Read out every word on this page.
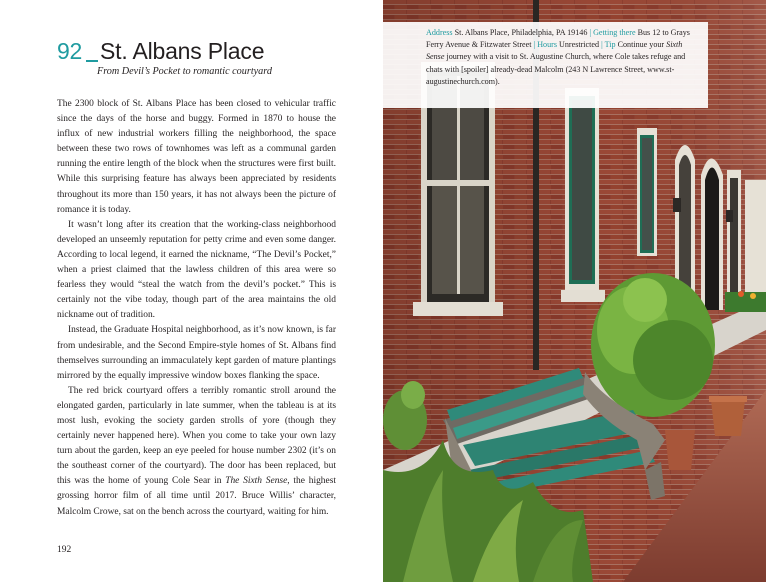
92 St. Albans Place
From Devil’s Pocket to romantic courtyard

The 2300 block of St. Albans Place has been closed to vehicular traffic since the days of the horse and buggy. Formed in 1870 to house the influx of new industrial workers filling the neighborhood, the space between these two rows of townhomes was left as a communal garden running the entire length of the block when the structures were first built. While this surprising feature has always been appreciated by residents throughout its more than 150 years, it has not always been the picture of romance it is today.

It wasn’t long after its creation that the working-class neighborhood developed an unseemly reputation for petty crime and even some danger. According to local legend, it earned the nickname, “The Devil’s Pocket,” when a priest claimed that the lawless children of this area were so fearless they would “steal the watch from the devil’s pocket.” This is certainly not the vibe today, though part of the area maintains the old nickname out of tradition.

Instead, the Graduate Hospital neighborhood, as it’s now known, is far from undesirable, and the Second Empire-style homes of St. Albans find themselves surrounding an immaculately kept garden of mature plantings mirrored by the equally impressive window boxes flanking the space.

The red brick courtyard offers a terribly romantic stroll around the elongated garden, particularly in late summer, when the tableau is at its most lush, evoking the society garden strolls of yore (though they certainly never happened here). When you come to take your own lazy turn about the garden, keep an eye peeled for house number 2302 (it’s on the southeast corner of the courtyard). The door has been replaced, but this was the home of young Cole Sear in The Sixth Sense, the highest grossing horror film of all time until 2017. Bruce Willis’ character, Malcolm Crowe, sat on the bench across the courtyard, waiting for him.

192
Address St. Albans Place, Philadelphia, PA 19146 | Getting there Bus 12 to Grays Ferry Avenue & Fitzwater Street | Hours Unrestricted | Tip Continue your Sixth Sense journey with a visit to St. Augustine Church, where Cole takes refuge and chats with [spoiler] already-dead Malcolm (243 N Lawrence Street, www.st-augustinechurch.com).
